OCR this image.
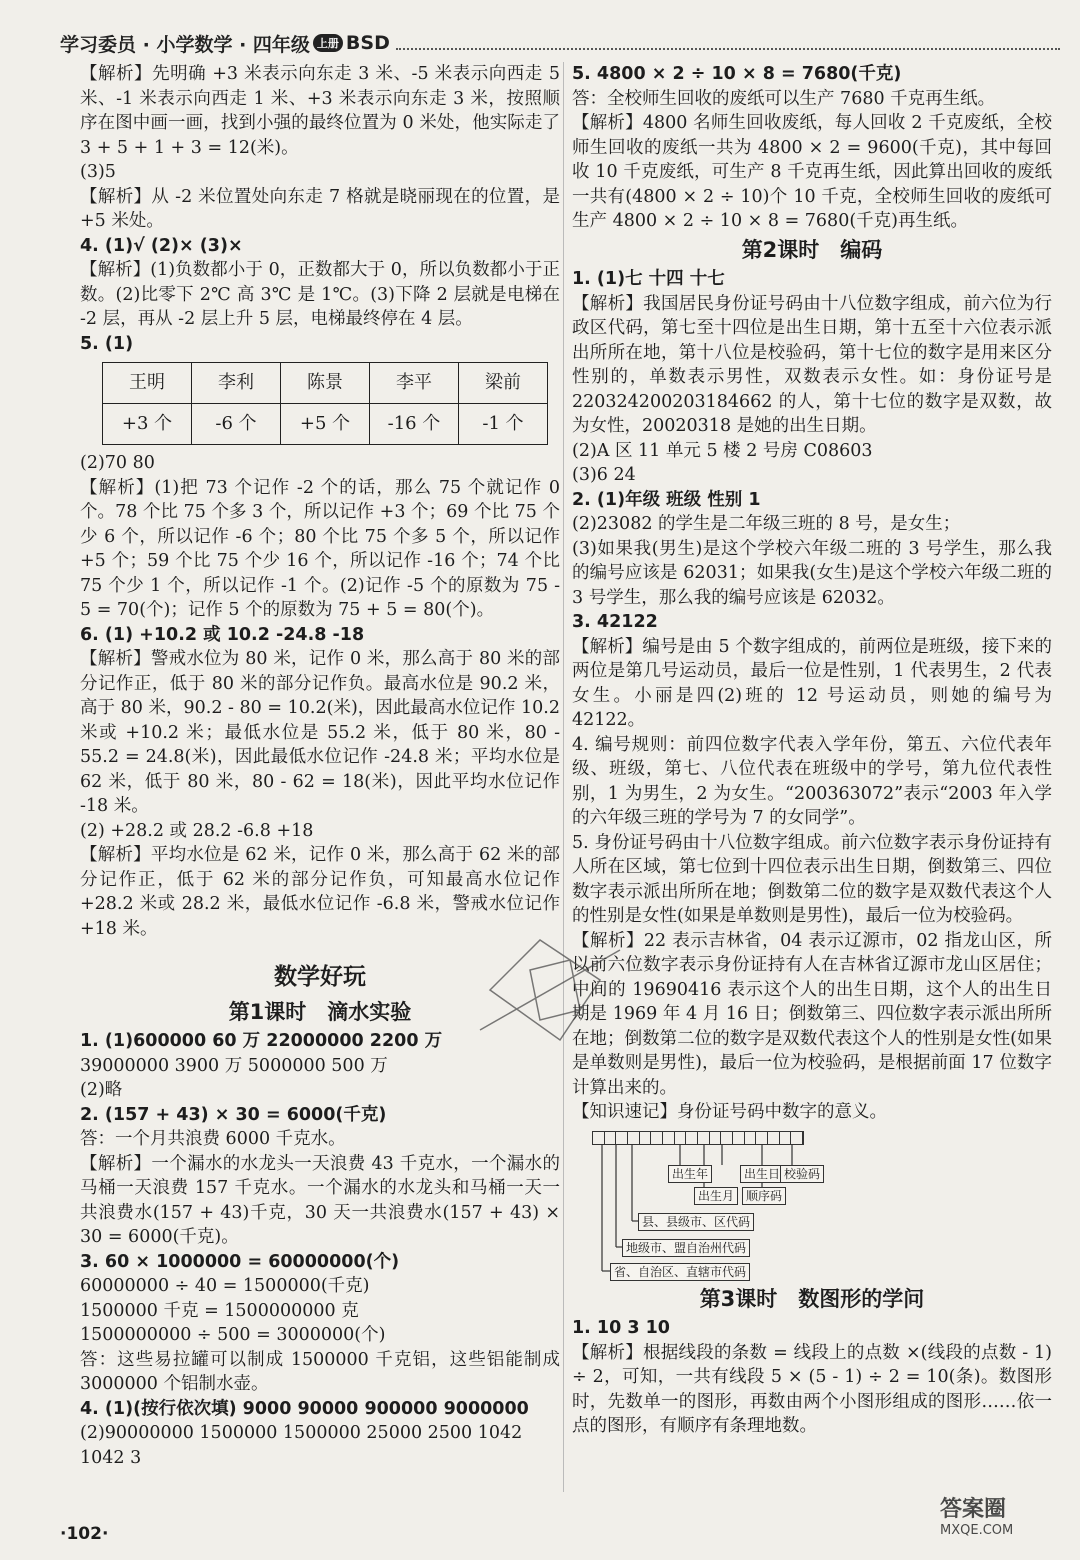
学习委员 · 小学数学 · 四年级 上册 BSD

【解析】先明确 +3 米表示向东走 3 米、-5 米表示向西走 5 米、-1 米表示向西走 1 米、+3 米表示向东走 3 米，按照顺序在图中画一画，找到小强的最终位置为 0 米处，他实际走了 3 + 5 + 1 + 3 = 12(米)。

(3)5

【解析】从 -2 米位置处向东走 7 格就是晓丽现在的位置，是 +5 米处。

4. (1)√ (2)× (3)×

【解析】(1)负数都小于 0，正数都大于 0，所以负数都小于正数。(2)比零下 2℃ 高 3℃ 是 1℃。(3)下降 2 层就是电梯在 -2 层，再从 -2 层上升 5 层，电梯最终停在 4 层。

5. (1)

王明	李利	陈景	李平	梁前
+3 个	-6 个	+5 个	-16 个	-1 个

(2)70 80

【解析】(1)把 73 个记作 -2 个的话，那么 75 个就记作 0 个。78 个比 75 个多 3 个，所以记作 +3 个；69 个比 75 个少 6 个，所以记作 -6 个；80 个比 75 个多 5 个，所以记作 +5 个；59 个比 75 个少 16 个，所以记作 -16 个；74 个比 75 个少 1 个，所以记作 -1 个。(2)记作 -5 个的原数为 75 - 5 = 70(个)；记作 5 个的原数为 75 + 5 = 80(个)。

6. (1) +10.2 或 10.2 -24.8 -18

【解析】警戒水位为 80 米，记作 0 米，那么高于 80 米的部分记作正，低于 80 米的部分记作负。最高水位是 90.2 米，高于 80 米，90.2 - 80 = 10.2(米)，因此最高水位记作 10.2 米或 +10.2 米；最低水位是 55.2 米，低于 80 米，80 - 55.2 = 24.8(米)，因此最低水位记作 -24.8 米；平均水位是 62 米，低于 80 米，80 - 62 = 18(米)，因此平均水位记作 -18 米。

(2) +28.2 或 28.2 -6.8 +18

【解析】平均水位是 62 米，记作 0 米，那么高于 62 米的部分记作正，低于 62 米的部分记作负，可知最高水位记作 +28.2 米或 28.2 米，最低水位记作 -6.8 米，警戒水位记作 +18 米。

数学好玩
第1课时　滴水实验

1. (1)600000 60 万 22000000 2200 万

39000000 3900 万 5000000 500 万

(2)略

2. (157 + 43) × 30 = 6000(千克)

答：一个月共浪费 6000 千克水。

【解析】一个漏水的水龙头一天浪费 43 千克水，一个漏水的马桶一天浪费 157 千克水。一个漏水的水龙头和马桶一天一共浪费水(157 + 43)千克，30 天一共浪费水(157 + 43) × 30 = 6000(千克)。

3. 60 × 1000000 = 60000000(个)

60000000 ÷ 40 = 1500000(千克)

1500000 千克 = 1500000000 克

1500000000 ÷ 500 = 3000000(个)

答：这些易拉罐可以制成 1500000 千克铝，这些铝能制成 3000000 个铝制水壶。

4. (1)(按行依次填) 9000 90000 900000 9000000

(2)90000000 1500000 1500000 25000 2500 1042

1042 3

5. 4800 × 2 ÷ 10 × 8 = 7680(千克)

答：全校师生回收的废纸可以生产 7680 千克再生纸。

【解析】4800 名师生回收废纸，每人回收 2 千克废纸，全校师生回收的废纸一共为 4800 × 2 = 9600(千克)，其中每回收 10 千克废纸，可生产 8 千克再生纸，因此算出回收的废纸一共有(4800 × 2 ÷ 10)个 10 千克，全校师生回收的废纸可生产 4800 × 2 ÷ 10 × 8 = 7680(千克)再生纸。

第2课时　编码

1. (1)七 十四 十七

【解析】我国居民身份证号码由十八位数字组成，前六位为行政区代码，第七至十四位是出生日期，第十五至十六位表示派出所所在地，第十八位是校验码，第十七位的数字是用来区分性别的，单数表示男性，双数表示女性。如：身份证号是 220324200203184662 的人，第十七位的数字是双数，故为女性，20020318 是她的出生日期。

(2)A 区 11 单元 5 楼 2 号房 C08603

(3)6 24

2. (1)年级 班级 性别 1

(2)23082 的学生是二年级三班的 8 号，是女生；

(3)如果我(男生)是这个学校六年级二班的 3 号学生，那么我的编号应该是 62031；如果我(女生)是这个学校六年级二班的 3 号学生，那么我的编号应该是 62032。

3. 42122

【解析】编号是由 5 个数字组成的，前两位是班级，接下来的两位是第几号运动员，最后一位是性别，1 代表男生，2 代表女生。小丽是四(2)班的 12 号运动员，则她的编号为 42122。

4. 编号规则：前四位数字代表入学年份，第五、六位代表年级、班级，第七、八位代表在班级中的学号，第九位代表性别，1 为男生，2 为女生。“200363072”表示“2003 年入学的六年级三班的学号为 7 的女同学”。

5. 身份证号码由十八位数字组成。前六位数字表示身份证持有人所在区域，第七位到十四位表示出生日期，倒数第三、四位数字表示派出所所在地；倒数第二位的数字是双数代表这个人的性别是女性(如果是单数则是男性)，最后一位为校验码。

【解析】22 表示吉林省，04 表示辽源市，02 指龙山区，所以前六位数字表示身份证持有人在吉林省辽源市龙山区居住；中间的 19690416 表示这个人的出生日期，这个人的出生日期是 1969 年 4 月 16 日；倒数第三、四位数字表示派出所所在地；倒数第二位的数字是双数代表这个人的性别是女性(如果是单数则是男性)，最后一位为校验码，是根据前面 17 位数字计算出来的。

【知识速记】身份证号码中数字的意义。

出生年	出生日 校验码
出生月 顺序码
县、县级市、区代码
地级市、盟自治州代码
省、自治区、直辖市代码
第3课时　数图形的学问

1. 10 3 10

【解析】根据线段的条数 = 线段上的点数 ×(线段的点数 - 1) ÷ 2，可知，一共有线段 5 × (5 - 1) ÷ 2 = 10(条)。数图形时，先数单一的图形，再数由两个小图形组成的图形……依一点的图形，有顺序有条理地数。

·102·
答案圈
MXQE.COM
